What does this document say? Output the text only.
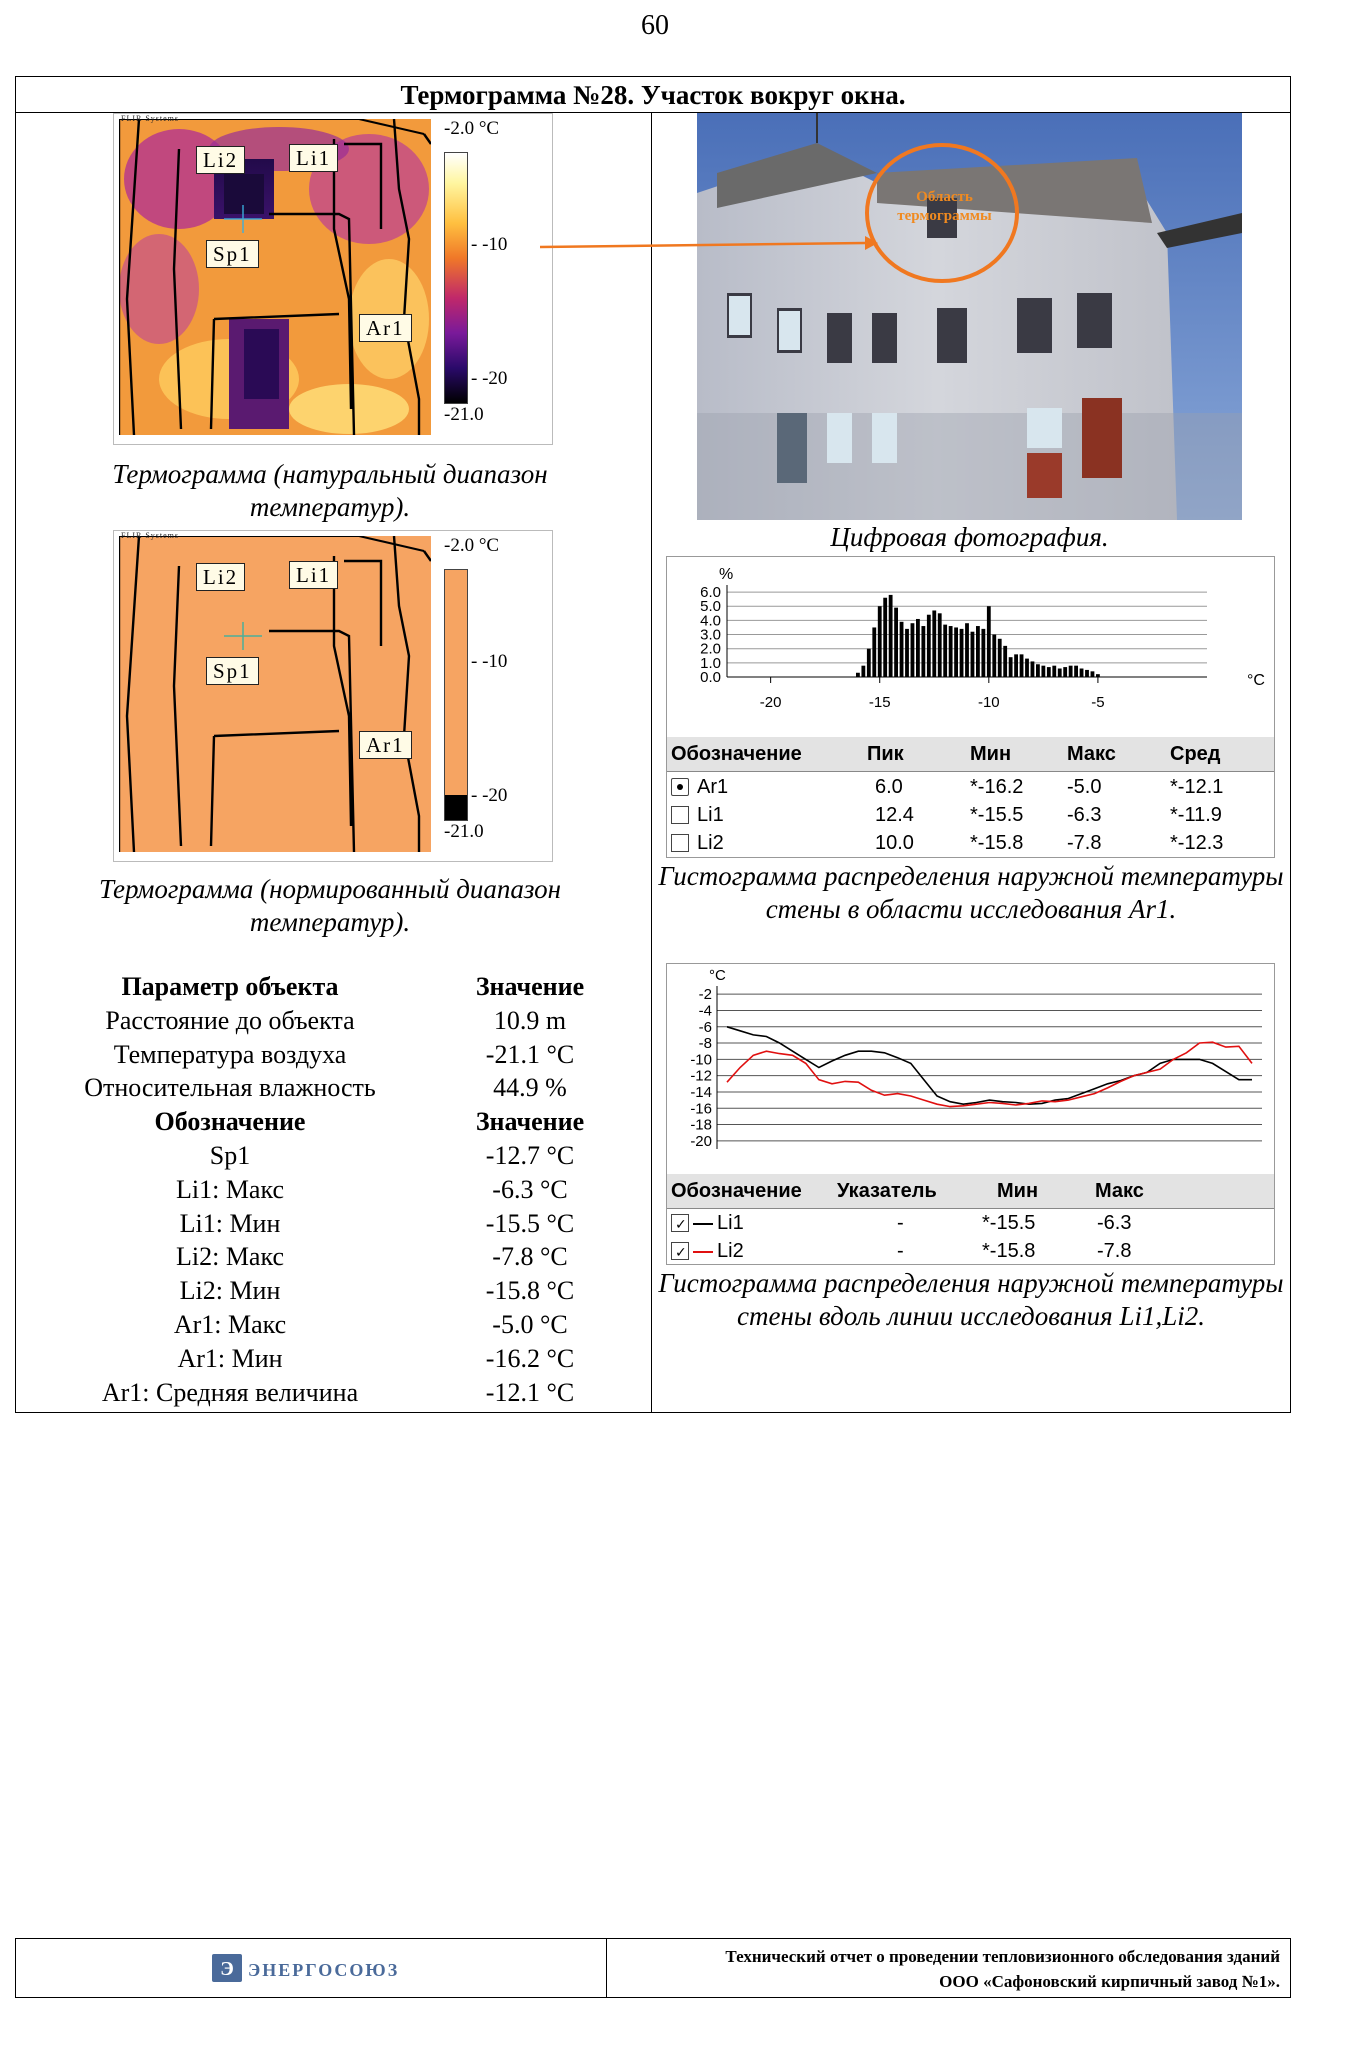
60
Термограмма №28. Участок вокруг окна.
FLIR Systems
Li2	Li1
Sp1
Ar1
-2.0 °C
- -10
- -20
-21.0
Термограмма (натуральный диапазон температур).
FLIR Systems
Li2	Li1
Sp1
Ar1
-2.0 °C
- -10
- -20
-21.0
Термограмма (нормированный диапазон температур).
Параметр объекта	Значение
Расстояние до объекта	10.9 m
Температура воздуха	-21.1 °C
Относительная влажность	44.9 %
Обозначение	Значение
Sp1	-12.7 °C
Li1: Макс	-6.3 °C
Li1: Мин	-15.5 °C
Li2: Макс	-7.8 °C
Li2: Мин	-15.8 °C
Ar1: Макс	-5.0 °C
Ar1: Мин	-16.2 °C
Ar1: Средняя величина	-12.1 °C
Область термограммы
Цифровая фотография.
%
6.0
5.0
4.0
3.0
2.0
1.0
0.0
-20	-15	-10	-5
°C
Обозначение	Пик	Мин	Макс	Сред
Ar1	6.0	*-16.2 -5.0	*-12.1
Li1	12.4	*-15.5 -6.3	*-11.9
Li2	10.0	*-15.8 -7.8	*-12.3
Гистограмма распределения наружной температуры стены в области исследования Ar1.
°C
-2
-4
-6
-8
-10
-12
-14
-16
-18
-20
Обозначение Указатель	Мин	Макс
✓ Li1	-	*-15.5	-6.3
✓ Li2	-	*-15.8	-7.8
Гистограмма распределения наружной температуры стены вдоль линии исследования Li1,Li2.
Э ЭНЕРГОСОЮЗ
Технический отчет о проведении тепловизионного обследования зданий
ООО «Сафоновский кирпичный завод №1».
